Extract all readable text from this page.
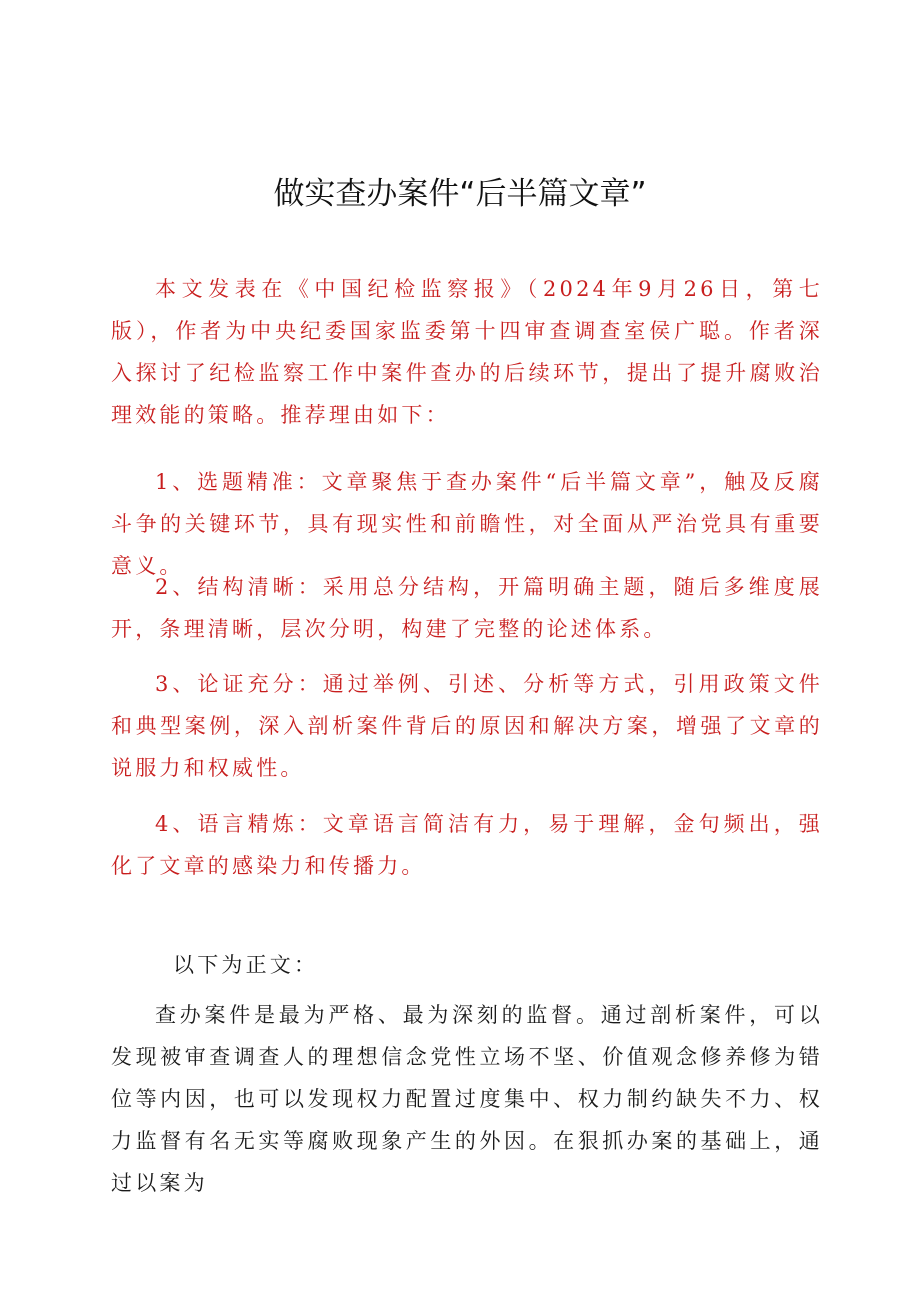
做实查办案件“后半篇文章”

本文发表在《中国纪检监察报》（2024年9月26日，第七版），作者为中央纪委国家监委第十四审查调查室侯广聪。作者深入探讨了纪检监察工作中案件查办的后续环节，提出了提升腐败治理效能的策略。推荐理由如下：

1、选题精准：文章聚焦于查办案件“后半篇文章”，触及反腐斗争的关键环节，具有现实性和前瞻性，对全面从严治党具有重要意义。

2、结构清晰：采用总分结构，开篇明确主题，随后多维度展开，条理清晰，层次分明，构建了完整的论述体系。

3、论证充分：通过举例、引述、分析等方式，引用政策文件和典型案例，深入剖析案件背后的原因和解决方案，增强了文章的说服力和权威性。

4、语言精炼：文章语言简洁有力，易于理解，金句频出，强化了文章的感染力和传播力。

以下为正文：

查办案件是最为严格、最为深刻的监督。通过剖析案件，可以发现被审查调查人的理想信念党性立场不坚、价值观念修养修为错位等内因，也可以发现权力配置过度集中、权力制约缺失不力、权力监督有名无实等腐败现象产生的外因。在狠抓办案的基础上，通过以案为
